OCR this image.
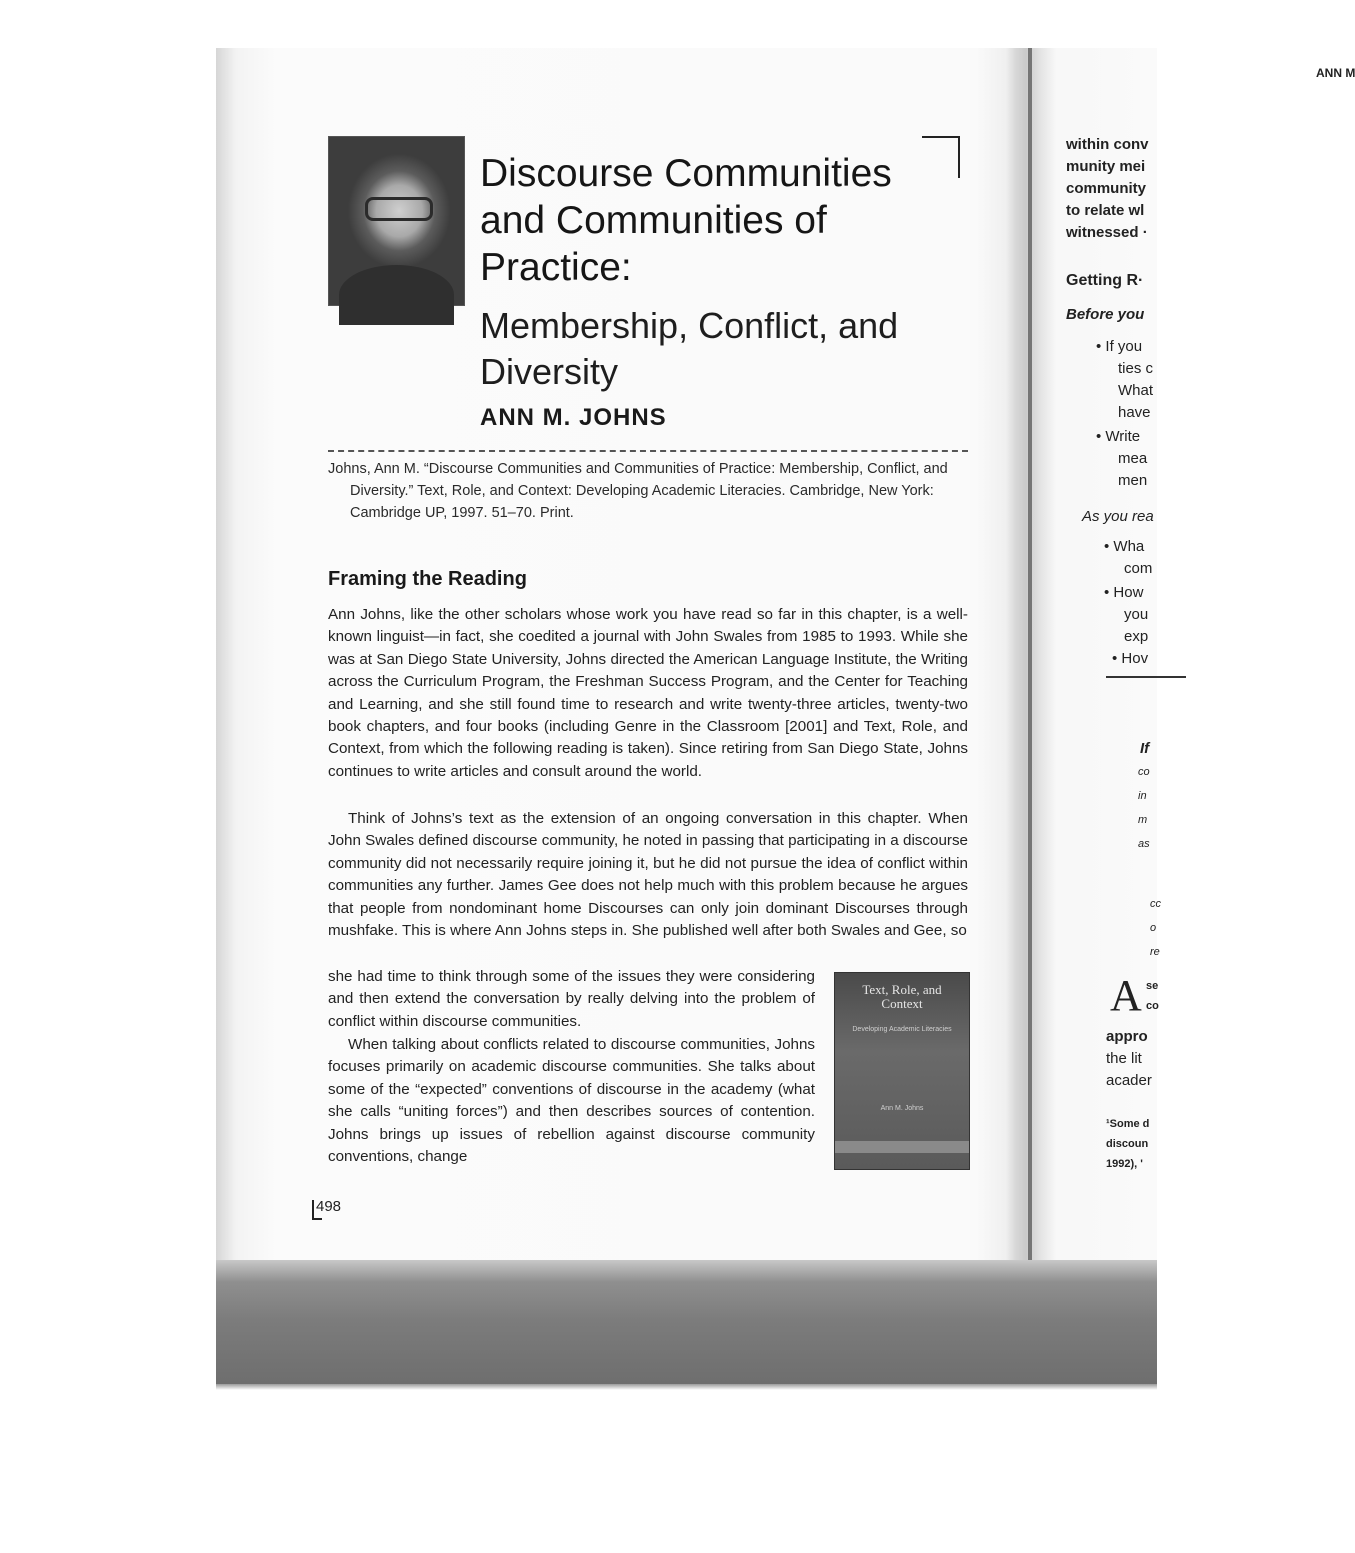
Discourse Communities
and Communities of
Practice:
Membership, Conflict, and
Diversity
ANN M. JOHNS
Johns, Ann M. “Discourse Communities and Communities of Practice: Membership, Conflict, and Diversity.” Text, Role, and Context: Developing Academic Literacies. Cambridge, New York: Cambridge UP, 1997. 51–70. Print.
Framing the Reading

Ann Johns, like the other scholars whose work you have read so far in this chapter, is a well-known linguist—in fact, she coedited a journal with John Swales from 1985 to 1993. While she was at San Diego State University, Johns directed the American Language Institute, the Writing across the Curriculum Program, the Freshman Success Program, and the Center for Teaching and Learning, and she still found time to research and write twenty-three articles, twenty-two book chapters, and four books (including Genre in the Classroom [2001] and Text, Role, and Context, from which the following reading is taken). Since retiring from San Diego State, Johns continues to write articles and consult around the world.

Think of Johns’s text as the extension of an ongoing conversation in this chapter. When John Swales defined discourse community, he noted in passing that participating in a discourse community did not necessarily require joining it, but he did not pursue the idea of conflict within communities any further. James Gee does not help much with this problem because he argues that people from nondominant home Discourses can only join dominant Discourses through mushfake. This is where Ann Johns steps in. She published well after both Swales and Gee, so

she had time to think through some of the issues they were considering and then extend the conversation by really delving into the problem of conflict within discourse communities.

When talking about conflicts related to discourse communities, Johns focuses primarily on academic discourse communities. She talks about some of the “expected” conventions of discourse in the academy (what she calls “uniting forces”) and then describes sources of contention. Johns brings up issues of rebellion against discourse community conventions, change

Text, Role, and Context
Developing Academic Literacies
Ann M. Johns
498
ANN M
within conv
munity mei
community
to relate wl
witnessed ·
Getting R·
Before you
• If you
ties c
What
have
• Write
mea
men
As you rea
• Wha
com
• How
you
exp
• Hov
If
co
in
m
as
cc
o
re
A se
co
appro
the lit
acader
¹Some d
discoun
1992), '
